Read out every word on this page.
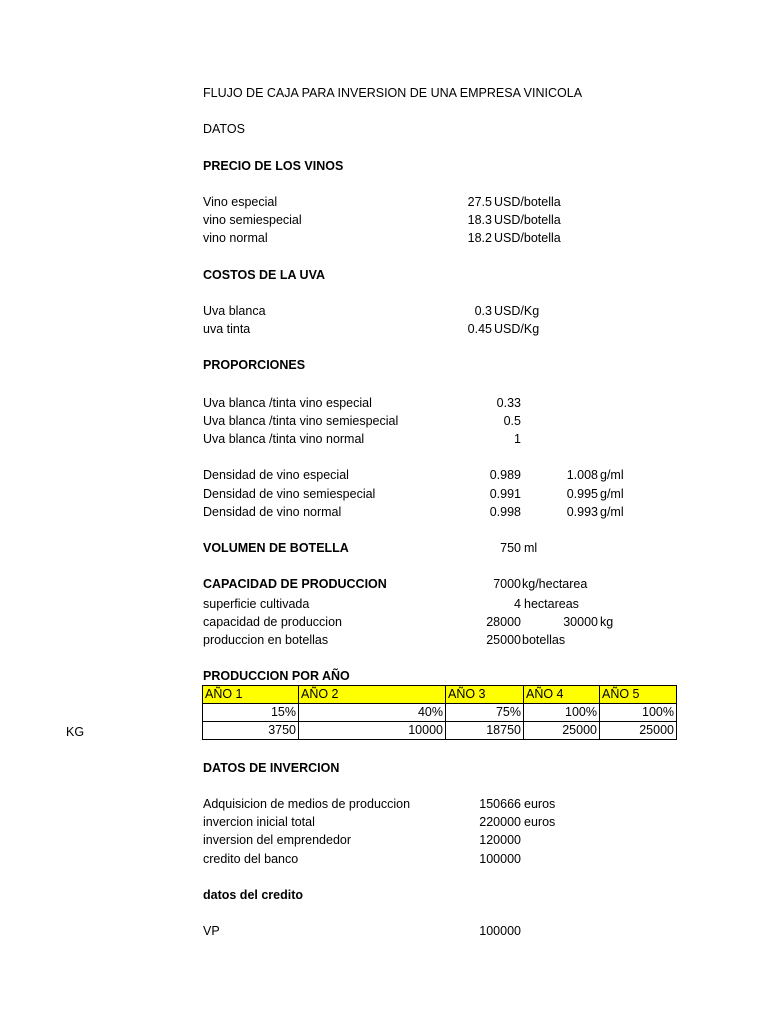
FLUJO DE CAJA PARA INVERSION DE UNA EMPRESA VINICOLA
DATOS
PRECIO DE LOS VINOS
Vino especial	27.5 USD/botella
vino semiespecial	18.3 USD/botella
vino normal	18.2 USD/botella
COSTOS DE LA UVA
Uva blanca	0.3 USD/Kg
uva tinta	0.45 USD/Kg
PROPORCIONES
Uva blanca /tinta vino especial	0.33
Uva blanca /tinta vino semiespecial	0.5
Uva blanca /tinta vino normal	1
Densidad de vino especial	0.989	1.008 g/ml
Densidad de vino semiespecial	0.991	0.995 g/ml
Densidad de vino normal	0.998	0.993 g/ml
VOLUMEN DE BOTELLA	750 ml
CAPACIDAD DE PRODUCCION	7000 kg/hectarea
superficie cultivada	4 hectareas
capacidad de produccion	28000	30000 kg
produccion en botellas	25000 botellas
PRODUCCION POR AÑO
AÑO 1	AÑO 2	AÑO 3	AÑO 4	AÑO 5
15%	40%	75%	100%	100%
3750	10000	18750	25000	25000
KG
DATOS DE INVERCION
Adquisicion de medios de produccion	150666 euros
invercion inicial total	220000 euros
inversion del emprendedor	120000
credito del banco	100000
datos del credito
VP	100000
